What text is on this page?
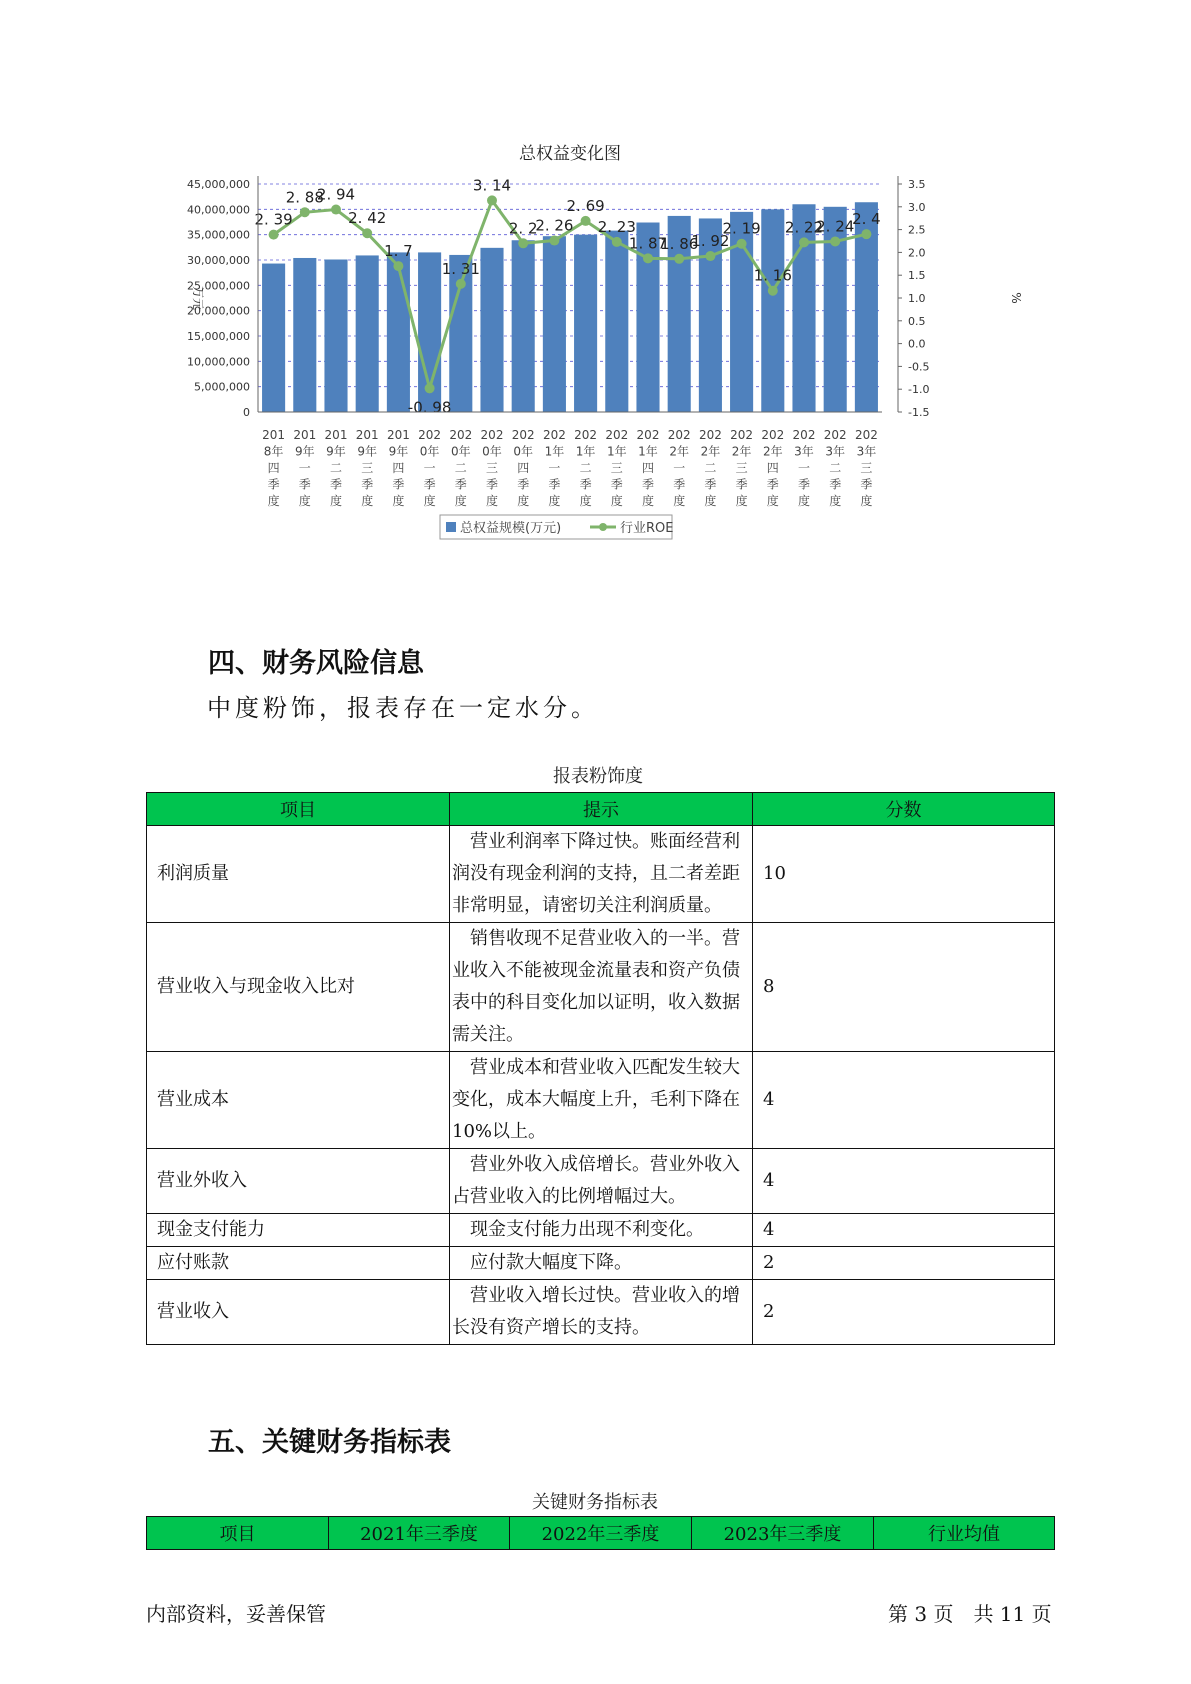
总权益变化图
2. 39
2. 88
2. 94
2. 42
1. 7
-0. 98
1. 31
3. 14
2. 2
2. 26
2. 69
2. 23
1. 87
1. 86
1. 92
2. 19
1. 16
2. 22
2. 24
2. 4
0
5,000,000
10,000,000
15,000,000
20,000,000
25,000,000
30,000,000
35,000,000
40,000,000
45,000,000
-1.5
-1.0
-0.5
0.0
0.5
1.0
1.5
2.0
2.5
3.0
3.5
万元	%
201
8年
四
季
度
201
9年
一
季
度
201
9年
二
季
度
201
9年
三
季
度
201
9年
四
季
度
202
0年
一
季
度
202
0年
二
季
度
202
0年
三
季
度
202
0年
四
季
度
202
1年
一
季
度
202
1年
二
季
度
202
1年
三
季
度
202
1年
四
季
度
202
2年
一
季
度
202
2年
二
季
度
202
2年
三
季
度
202
2年
四
季
度
202
3年
一
季
度
202
3年
二
季
度
202
3年
三
季
度
总权益规模(万元)	行业ROE
四、财务风险信息
中度粉饰，报表存在一定水分。
报表粉饰度
项目	提示	分数
利润质量	　营业利润率下降过快。账面经营利润没有现金利润的支持，且二者差距非常明显，请密切关注利润质量。	10
营业收入与现金收入比对	　销售收现不足营业收入的一半。营业收入不能被现金流量表和资产负债表中的科目变化加以证明，收入数据需关注。	8
营业成本	　营业成本和营业收入匹配发生较大变化，成本大幅度上升，毛利下降在10%以上。	4
营业外收入	　营业外收入成倍增长。营业外收入占营业收入的比例增幅过大。	4
现金支付能力	　现金支付能力出现不利变化。	4
应付账款	　应付款大幅度下降。	2
营业收入	　营业收入增长过快。营业收入的增长没有资产增长的支持。	2
五、关键财务指标表
关键财务指标表
项目	2021年三季度	2022年三季度	2023年三季度	行业均值
内部资料，妥善保管	第 3 页　共 11 页
